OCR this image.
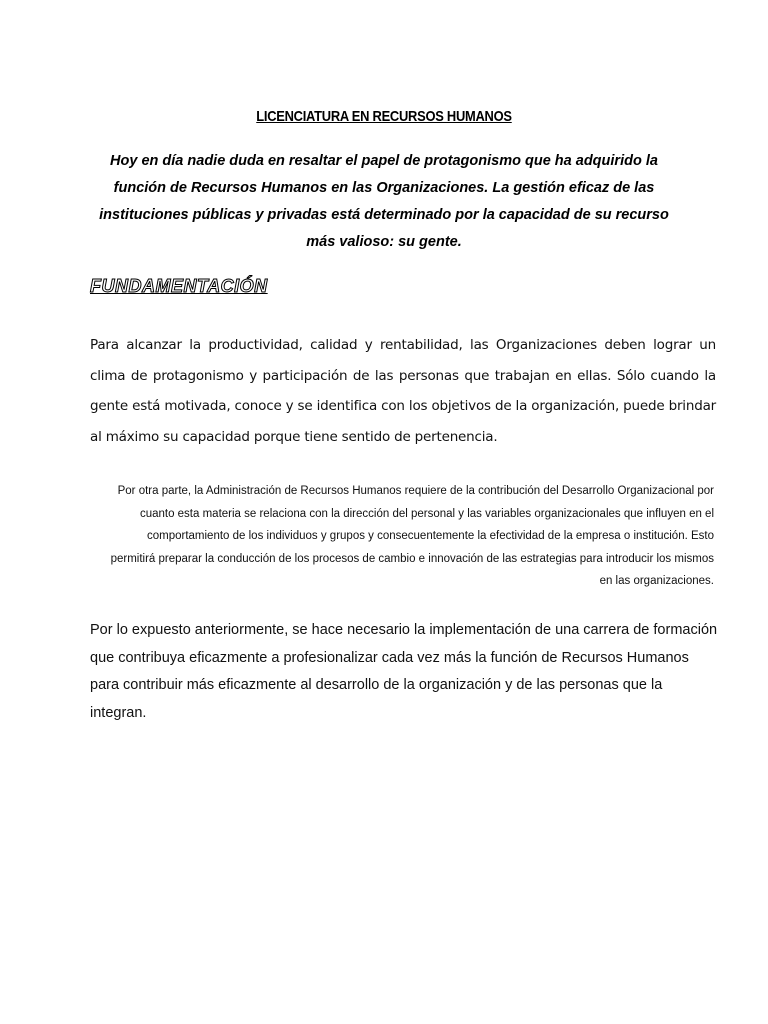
LICENCIATURA EN RECURSOS HUMANOS
Hoy en día nadie duda en resaltar el papel de protagonismo que ha adquirido la función de Recursos Humanos en las Organizaciones. La gestión eficaz de las instituciones públicas y privadas está determinado por la capacidad de su recurso más valioso: su gente.
FUNDAMENTACIÓN
Para alcanzar la productividad, calidad y rentabilidad, las Organizaciones deben lograr un clima de protagonismo y participación de las personas que trabajan en ellas. Sólo cuando la gente está motivada, conoce y se identifica con los objetivos de la organización, puede brindar al máximo su capacidad porque tiene sentido de pertenencia.
Por otra parte, la Administración de Recursos Humanos requiere de la contribución del Desarrollo Organizacional por cuanto esta materia se relaciona con la dirección del personal y las variables organizacionales que influyen en el comportamiento de los individuos y grupos y consecuentemente la efectividad de la empresa o institución. Esto permitirá preparar la conducción de los procesos de cambio e innovación de las estrategias para introducir los mismos en las organizaciones.
Por lo expuesto anteriormente, se hace necesario la implementación de una carrera de formación que contribuya eficazmente a profesionalizar cada vez más la función de Recursos Humanos para contribuir más eficazmente al desarrollo de la organización y de las personas que la integran.
